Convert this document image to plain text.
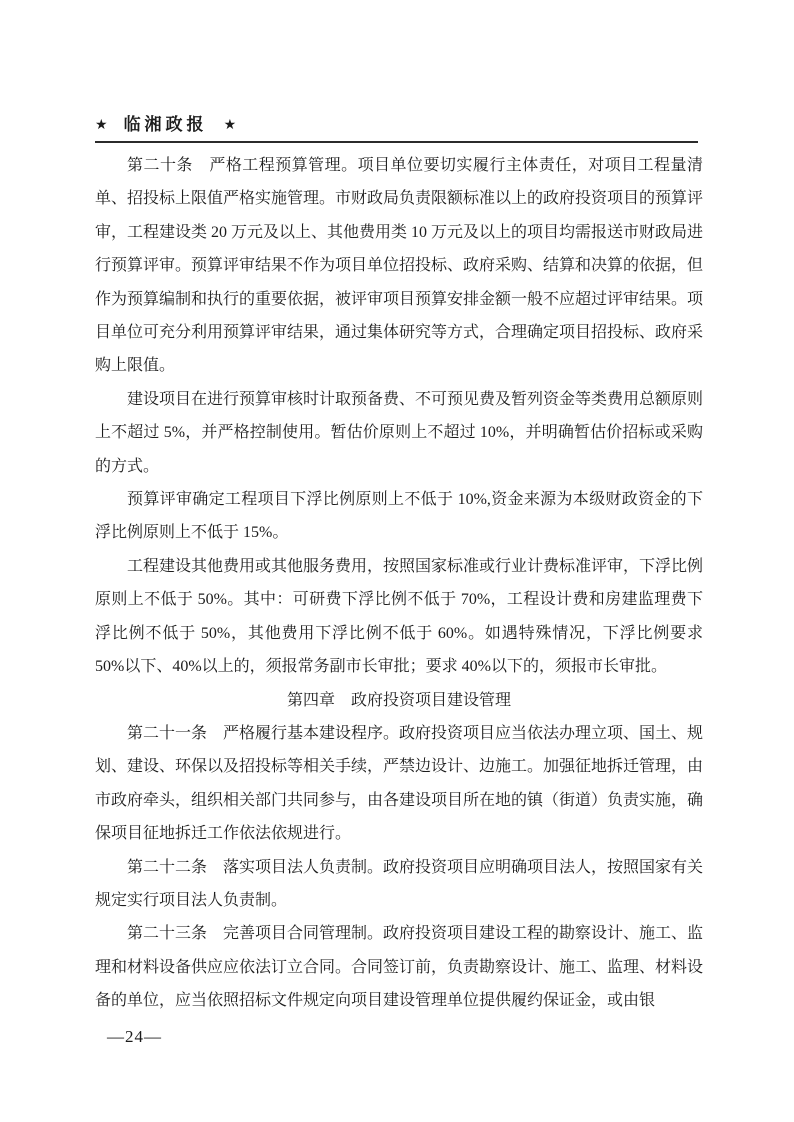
★ 临湘政报 ★

第二十条　严格工程预算管理。项目单位要切实履行主体责任，对项目工程量清单、招投标上限值严格实施管理。市财政局负责限额标准以上的政府投资项目的预算评审，工程建设类 20 万元及以上、其他费用类 10 万元及以上的项目均需报送市财政局进行预算评审。预算评审结果不作为项目单位招投标、政府采购、结算和决算的依据，但作为预算编制和执行的重要依据，被评审项目预算安排金额一般不应超过评审结果。项目单位可充分利用预算评审结果，通过集体研究等方式，合理确定项目招投标、政府采购上限值。

建设项目在进行预算审核时计取预备费、不可预见费及暂列资金等类费用总额原则上不超过 5%，并严格控制使用。暂估价原则上不超过 10%，并明确暂估价招标或采购的方式。

预算评审确定工程项目下浮比例原则上不低于 10%,资金来源为本级财政资金的下浮比例原则上不低于 15%。

工程建设其他费用或其他服务费用，按照国家标准或行业计费标准评审，下浮比例原则上不低于 50%。其中：可研费下浮比例不低于 70%，工程设计费和房建监理费下浮比例不低于 50%，其他费用下浮比例不低于 60%。如遇特殊情况，下浮比例要求 50%以下、40%以上的，须报常务副市长审批；要求 40%以下的，须报市长审批。

第四章　政府投资项目建设管理

第二十一条　严格履行基本建设程序。政府投资项目应当依法办理立项、国土、规划、建设、环保以及招投标等相关手续，严禁边设计、边施工。加强征地拆迁管理，由市政府牵头，组织相关部门共同参与，由各建设项目所在地的镇（街道）负责实施，确保项目征地拆迁工作依法依规进行。

第二十二条　落实项目法人负责制。政府投资项目应明确项目法人，按照国家有关规定实行项目法人负责制。

第二十三条　完善项目合同管理制。政府投资项目建设工程的勘察设计、施工、监理和材料设备供应应依法订立合同。合同签订前，负责勘察设计、施工、监理、材料设备的单位，应当依照招标文件规定向项目建设管理单位提供履约保证金，或由银

—24—
